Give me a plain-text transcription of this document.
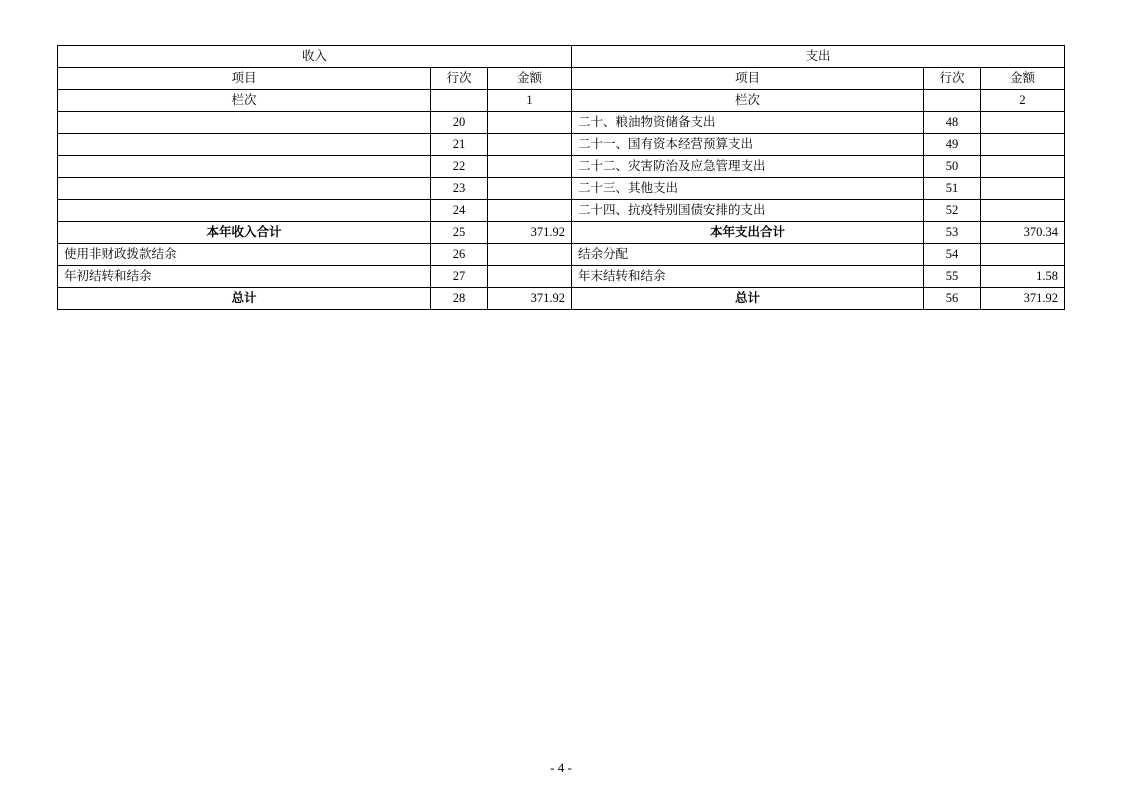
收入			支出		
项目	行次	金额	项目	行次	金额
栏次		1	栏次		2
	20		二十、粮油物资储备支出	48	
	21		二十一、国有资本经营预算支出	49	
	22		二十二、灾害防治及应急管理支出	50	
	23		二十三、其他支出	51	
	24		二十四、抗疫特别国债安排的支出	52	
本年收入合计	25	371.92	本年支出合计	53	370.34
使用非财政拨款结余	26		结余分配	54	
年初结转和结余	27		年末结转和结余	55	1.58
总计	28	371.92	总计	56	371.92
- 4 -
